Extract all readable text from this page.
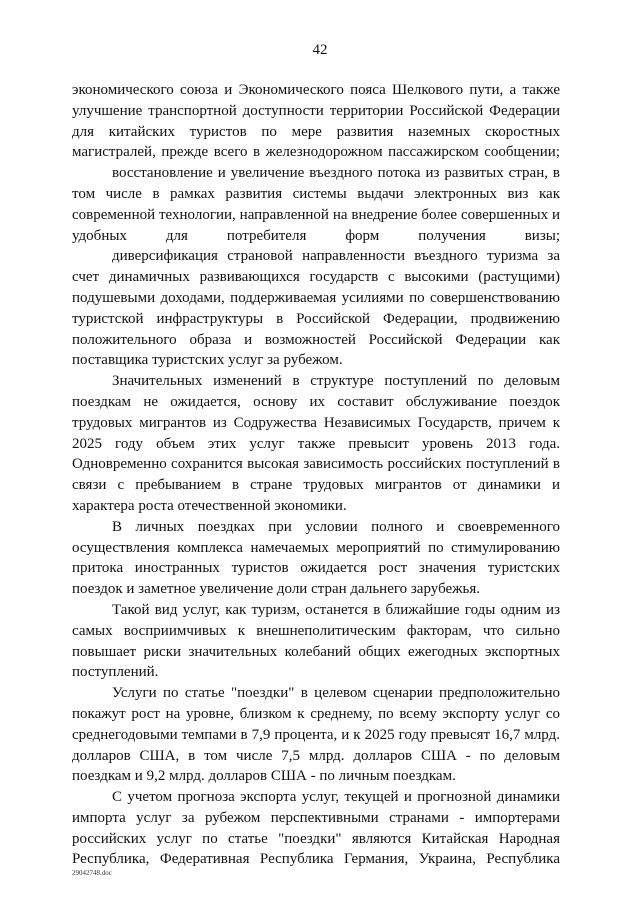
42

экономического союза и Экономического пояса Шелкового пути, а также улучшение транспортной доступности территории Российской Федерации для китайских туристов по мере развития наземных скоростных магистралей, прежде всего в железнодорожном пассажирском сообщении;

восстановление и увеличение въездного потока из развитых стран, в том числе в рамках развития системы выдачи электронных виз как современной технологии, направленной на внедрение более совершенных и удобных для потребителя форм получения визы;

диверсификация страновой направленности въездного туризма за счет динамичных развивающихся государств с высокими (растущими) подушевыми доходами, поддерживаемая усилиями по совершенствованию туристской инфраструктуры в Российской Федерации, продвижению положительного образа и возможностей Российской Федерации как поставщика туристских услуг за рубежом.

Значительных изменений в структуре поступлений по деловым поездкам не ожидается, основу их составит обслуживание поездок трудовых мигрантов из Содружества Независимых Государств, причем к 2025 году объем этих услуг также превысит уровень 2013 года. Одновременно сохранится высокая зависимость российских поступлений в связи с пребыванием в стране трудовых мигрантов от динамики и характера роста отечественной экономики.

В личных поездках при условии полного и своевременного осуществления комплекса намечаемых мероприятий по стимулированию притока иностранных туристов ожидается рост значения туристских поездок и заметное увеличение доли стран дальнего зарубежья.

Такой вид услуг, как туризм, останется в ближайшие годы одним из самых восприимчивых к внешнеполитическим факторам, что сильно повышает риски значительных колебаний общих ежегодных экспортных поступлений.

Услуги по статье "поездки" в целевом сценарии предположительно покажут рост на уровне, близком к среднему, по всему экспорту услуг со среднегодовыми темпами в 7,9 процента, и к 2025 году превысят 16,7 млрд. долларов США, в том числе 7,5 млрд. долларов США - по деловым поездкам и 9,2 млрд. долларов США - по личным поездкам.

С учетом прогноза экспорта услуг, текущей и прогнозной динамики импорта услуг за рубежом перспективными странами - импортерами российских услуг по статье "поездки" являются Китайская Народная Республика, Федеративная Республика Германия, Украина, Республика

29042748.doc
